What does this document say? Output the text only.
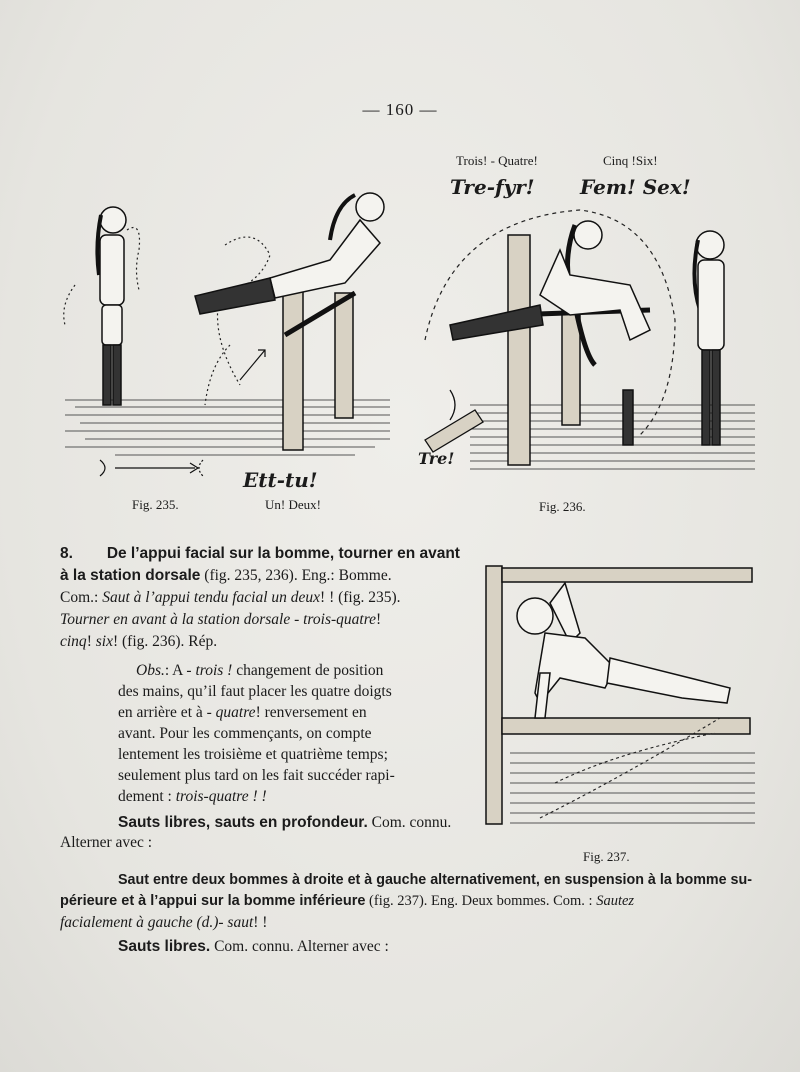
— 160 —
Trois! - Quatre!	Cinq !Six!
Tre-fyr! Fem! Sex!
Tre!
Ett-tu!
Un! Deux!
Fig. 235.	Fig. 236.
Fig. 237.
8. De l’appui facial sur la bomme, tourner en avant
à la station dorsale (fig. 235, 236). Eng.: Bomme.
Com.: Saut à l’appui tendu facial un deux! ! (fig. 235).
Tourner en avant à la station dorsale - trois-quatre!
cinq! six! (fig. 236). Rép.
Obs.: A - trois ! changement de position
des mains, qu’il faut placer les quatre doigts
en arrière et à - quatre! renversement en
avant. Pour les commençants, on compte
lentement les troisième et quatrième temps;
seulement plus tard on les fait succéder rapi-
dement : trois-quatre ! !
Sauts libres, sauts en profondeur. Com. connu.
Alterner avec :
Saut entre deux bommes à droite et à gauche alternativement, en suspension à la bomme su-
périeure et à l’appui sur la bomme inférieure (fig. 237). Eng. Deux bommes. Com. : Sautez
facialement à gauche (d.)- saut! !
Sauts libres. Com. connu. Alterner avec :
